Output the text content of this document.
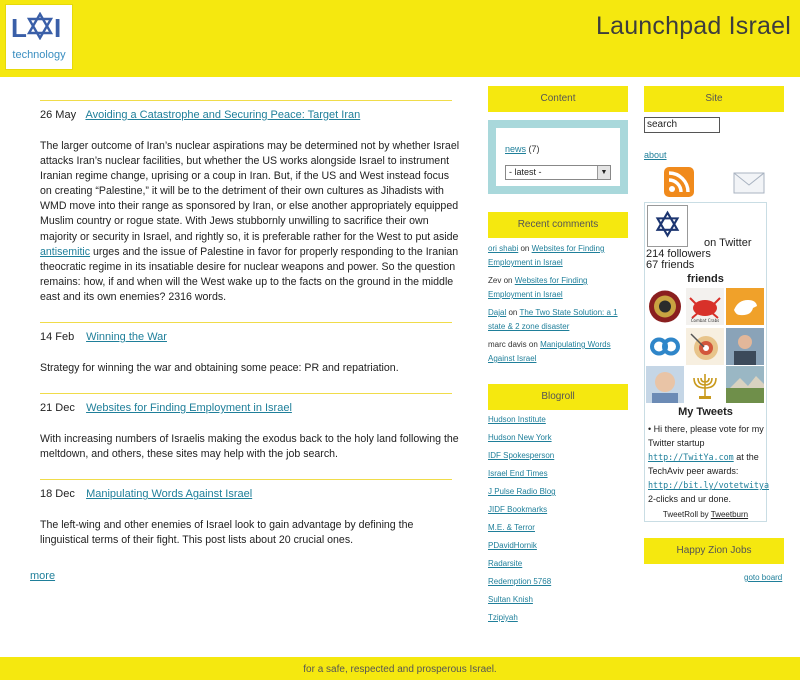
L I
technology
Launchpad Israel
26 May Avoiding a Catastrophe and Securing Peace: Target Iran
The larger outcome of Iran’s nuclear aspirations may be determined not by whether Israel attacks Iran’s nuclear facilities, but whether the US works alongside Israel to instrument Iranian regime change, uprising or a coup in Iran. But, if the US and West instead focus on creating “Palestine,” it will be to the detriment of their own cultures as Jihadists with WMD move into their range as sponsored by Iran, or else another appropriately equipped Muslim country or rogue state. With Jews stubbornly unwilling to sacrifice their own majority or security in Israel, and rightly so, it is preferable rather for the West to put aside antisemitic urges and the issue of Palestine in favor for properly responding to the Iranian theocratic regime in its insatiable desire for nuclear weapons and power. So the question remains: how, if and when will the West wake up to the facts on the ground in the middle east and its own enemies? 2316 words.
14 Feb Winning the War
Strategy for winning the war and obtaining some peace: PR and repatriation.
21 Dec Websites for Finding Employment in Israel
With increasing numbers of Israelis making the exodus back to the holy land following the meltdown, and others, these sites may help with the job search.
18 Dec Manipulating Words Against Israel
The left-wing and other enemies of Israel look to gain advantage by defining the linguistical terms of their fight. This post lists about 20 crucial ones.
more
Content
news (7)
- latest -	▼
Recent comments
ori shabi on Websites for Finding Employment in Israel
Zev on Websites for Finding Employment in Israel
Dajal on The Two State Solution: a 1 state & 2 zone disaster
marc davis on Manipulating Words Against Israel
Blogroll
Hudson Institute
Hudson New York
IDF Spokesperson
Israel End Times
J Pulse Radio Blog
JIDF Bookmarks
M.E. & Terror
PDavidHornik
Radarsite
Redemption 5768
Sultan Knish
Tzipiyah
Site
search
about
on Twitter
214 followers
67 friends
friends
Combat Crabs
My Tweets
• Hi there, please vote for my Twitter startup http://TwitYa.com at the TechAviv peer awards: http://bit.ly/votetwitya 2-clicks and ur done.
TweetRoll by Tweetburn
Happy Zion Jobs
goto board
for a safe, respected and prosperous Israel.
